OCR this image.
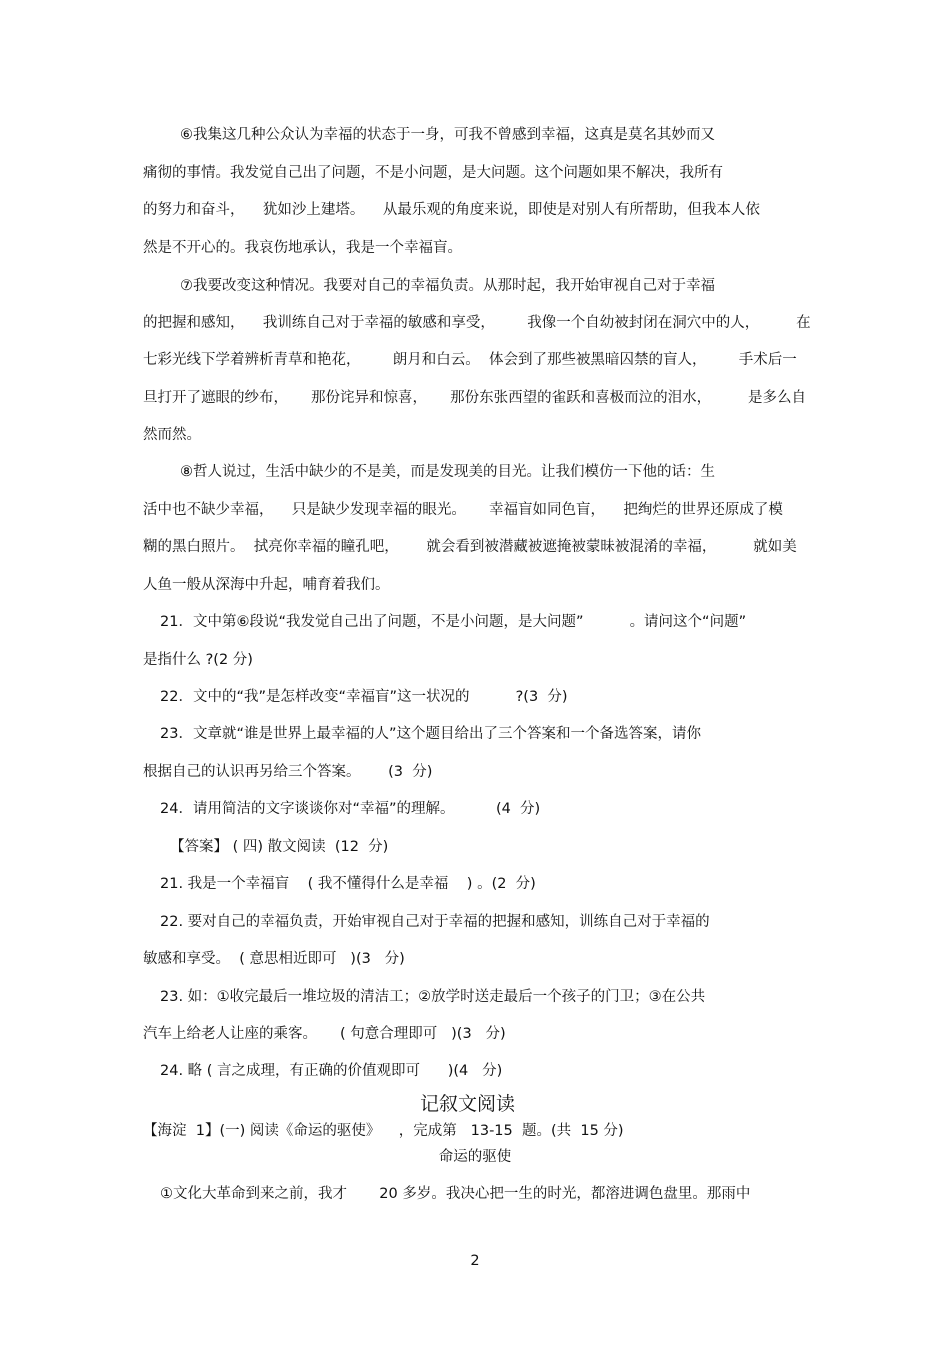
⑥我集这几种公众认为幸福的状态于一身，可我不曾感到幸福，这真是莫名其妙而又
痛彻的事情。我发觉自己出了问题，不是小问题，是大问题。这个问题如果不解决，我所有
的努力和奋斗，    犹如沙上建塔。    从最乐观的角度来说，即使是对别人有所帮助，但我本人依
然是不开心的。我哀伤地承认，我是一个幸福盲。
⑦我要改变这种情况。我要对自己的幸福负责。从那时起，我开始审视自己对于幸福
的把握和感知，    我训练自己对于幸福的敏感和享受，       我像一个自幼被封闭在洞穴中的人，        在
七彩光线下学着辨析青草和艳花，       朗月和白云。  体会到了那些被黑暗囚禁的盲人，       手术后一
旦打开了遮眼的纱布，     那份诧异和惊喜，     那份东张西望的雀跃和喜极而泣的泪水，        是多么自
然而然。
⑧哲人说过，生活中缺少的不是美，而是发现美的目光。让我们模仿一下他的话：生
活中也不缺少幸福，    只是缺少发现幸福的眼光。     幸福盲如同色盲，    把绚烂的世界还原成了模
糊的黑白照片。  拭亮你幸福的瞳孔吧，      就会看到被潜藏被遮掩被蒙昧被混淆的幸福，        就如美
人鱼一般从深海中升起，哺育着我们。
21．文中第⑥段说“我发觉自己出了问题，不是小问题，是大问题”          。请问这个“问题”
是指什么 ?(2 分)
22．文中的“我”是怎样改变“幸福盲”这一状况的          ?(3  分)
23．文章就“谁是世界上最幸福的人”这个题目给出了三个答案和一个备选答案，请你
根据自己的认识再另给三个答案。      (3  分)
24．请用简洁的文字谈谈你对“幸福”的理解。         (4  分)
【答案】 ( 四) 散文阅读  (12  分)
21. 我是一个幸福盲    ( 我不懂得什么是幸福    ) 。(2  分)
22. 要对自己的幸福负责，开始审视自己对于幸福的把握和感知，训练自己对于幸福的
敏感和享受。  ( 意思相近即可   )(3   分)
23. 如：①收完最后一堆垃圾的清洁工；②放学时送走最后一个孩子的门卫；③在公共
汽车上给老人让座的乘客。     ( 句意合理即可   )(3   分)
24. 略 ( 言之成理，有正确的价值观即可      )(4   分)
记叙文阅读
【海淀  1】(一) 阅读《命运的驱使》    ，完成第   13-15  题。(共  15 分)
命运的驱使
①文化大革命到来之前，我才       20 多岁。我决心把一生的时光，都溶进调色盘里。那雨中
2
